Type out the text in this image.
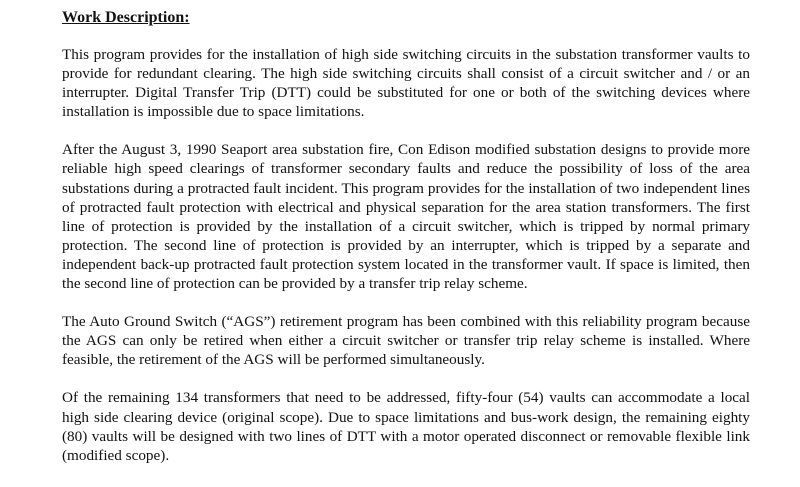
Work Description:

This program provides for the installation of high side switching circuits in the substation transformer vaults to provide for redundant clearing. The high side switching circuits shall consist of a circuit switcher and / or an interrupter. Digital Transfer Trip (DTT) could be substituted for one or both of the switching devices where installation is impossible due to space limitations.

After the August 3, 1990 Seaport area substation fire, Con Edison modified substation designs to provide more reliable high speed clearings of transformer secondary faults and reduce the possibility of loss of the area substations during a protracted fault incident. This program provides for the installation of two independent lines of protracted fault protection with electrical and physical separation for the area station transformers. The first line of protection is provided by the installation of a circuit switcher, which is tripped by normal primary protection. The second line of protection is provided by an interrupter, which is tripped by a separate and independent back-up protracted fault protection system located in the transformer vault. If space is limited, then the second line of protection can be provided by a transfer trip relay scheme.

The Auto Ground Switch (“AGS”) retirement program has been combined with this reliability program because the AGS can only be retired when either a circuit switcher or transfer trip relay scheme is installed. Where feasible, the retirement of the AGS will be performed simultaneously.

Of the remaining 134 transformers that need to be addressed, fifty-four (54) vaults can accommodate a local high side clearing device (original scope). Due to space limitations and bus-work design, the remaining eighty (80) vaults will be designed with two lines of DTT with a motor operated disconnect or removable flexible link (modified scope).
